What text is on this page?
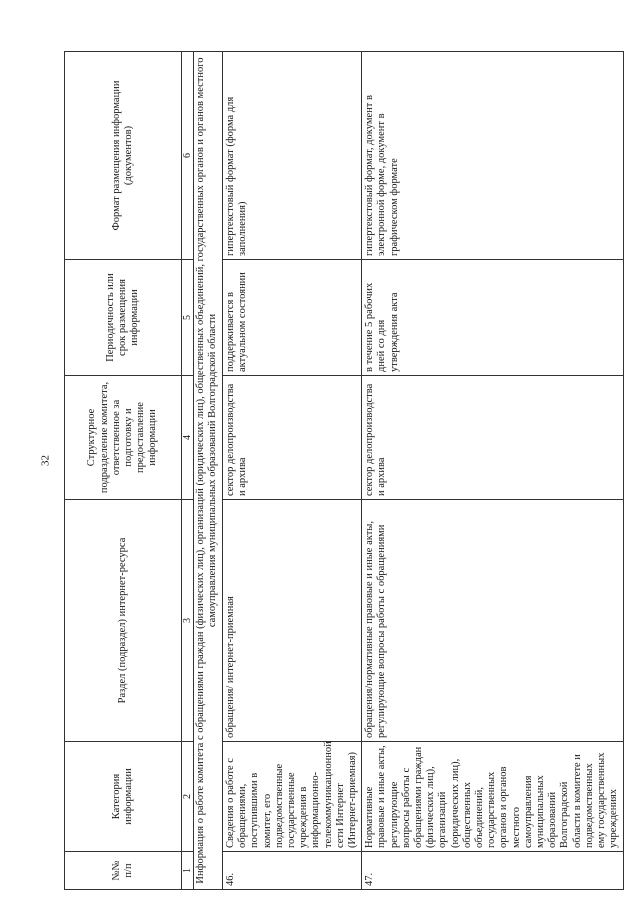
32
№№ п/п	Категория информации	Раздел (подраздел) интернет-ресурса	Структурное подразделение комитета, ответственное за подготовку и предоставление информации	Периодичность или срок размещения информации	Формат размещения информации (документов)
1	2	3	4	5	6
Информация о работе комитета с обращениями граждан (физических лиц), организаций (юридических лиц), общественных объединений, государственных органов и органов местного самоуправления муниципальных образований Волгоградской области					
46.	Сведения о работе с обращениями, поступившими в комитет, его подведомственные государственные учреждения в информационно-телекоммуникационной сети Интернет (Интернет-приемная)	обращения/ интернет-приемная	сектор делопроизводства и архива	поддерживается в актуальном состоянии	гипертекстовый формат (форма для заполнения)
47.	Нормативные правовые и иные акты, регулирующие вопросы работы с обращениями граждан (физических лиц), организаций (юридических лиц), общественных объединений, государственных органов и органов местного самоуправления муниципальных образований Волгоградской области в комитете и подведомственных ему государственных учреждениях	обращения/нормативные правовые и иные акты, регулирующие вопросы работы с обращениями	сектор делопроизводства и архива	в течение 5 рабочих дней со дня утверждения акта	гипертекстовый формат, документ в электронной форме, документ в графическом формате
